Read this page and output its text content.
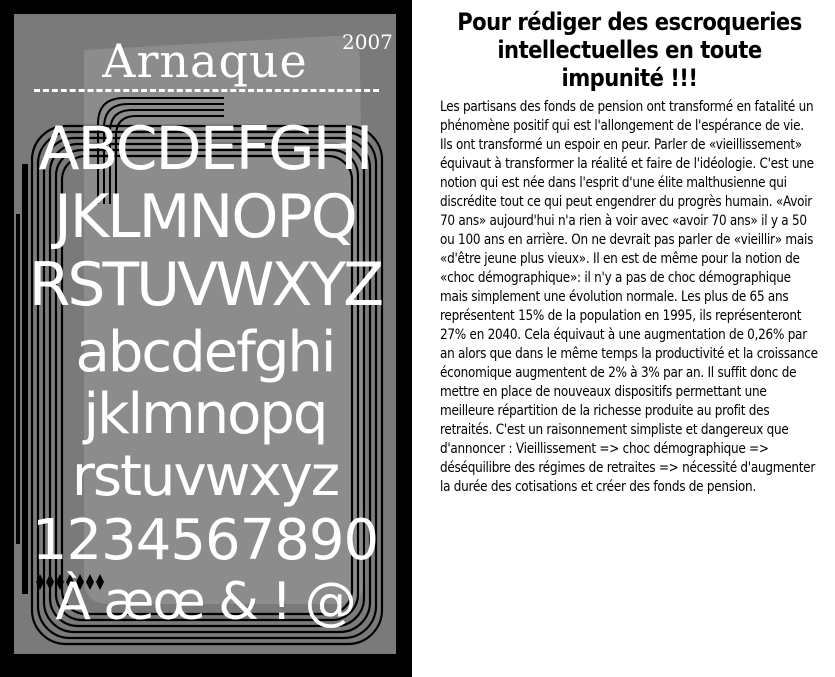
2007
Arnaque
ABCDEFGHI
JKLMNOPQ
RSTUVWXYZ
abcdefghi
jklmnopq
rstuvwxyz
1234567890
À æœ & ! @
Pour rédiger des escroqueries intellectuelles en toute impunité !!!

Les partisans des fonds de pension ont transformé en fatalité un phénomène positif qui est l'allongement de l'espérance de vie. Ils ont transformé un espoir en peur. Parler de «vieillissement» équivaut à transformer la réalité et faire de l'idéologie. C'est une notion qui est née dans l'esprit d'une élite malthusienne qui discrédite tout ce qui peut engendrer du progrès humain. «Avoir 70 ans» aujourd'hui n'a rien à voir avec «avoir 70 ans» il y a 50 ou 100 ans en arrière. On ne devrait pas parler de «vieillir» mais «d'être jeune plus vieux». Il en est de même pour la notion de «choc démographique»: il n'y a pas de choc démographique mais simplement une évolution normale. Les plus de 65 ans représentent 15% de la population en 1995, ils représenteront 27% en 2040. Cela équivaut à une augmentation de 0,26% par an alors que dans le même temps la productivité et la croissance économique augmentent de 2% à 3% par an. Il suffit donc de mettre en place de nouveaux dispositifs permettant une meilleure répartition de la richesse produite au profit des retraités. C'est un raisonnement simpliste et dangereux que d'annoncer : Vieillissement => choc démographique => déséquilibre des régimes de retraites => nécessité d'augmenter la durée des cotisations et créer des fonds de pension.
